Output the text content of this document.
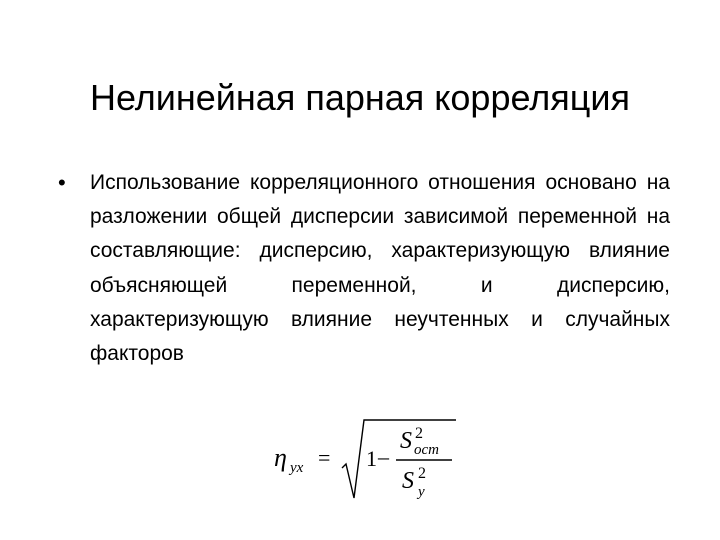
Нелинейная парная корреляция
• Использование корреляционного отношения основано на разложении общей дисперсии зависимой переменной на составляющие: дисперсию, характеризующую влияние объясняющей переменной, и дисперсию, характеризующую влияние неучтенных и случайных факторов
η yx = 1 –
S 2
ост
S 2
y
